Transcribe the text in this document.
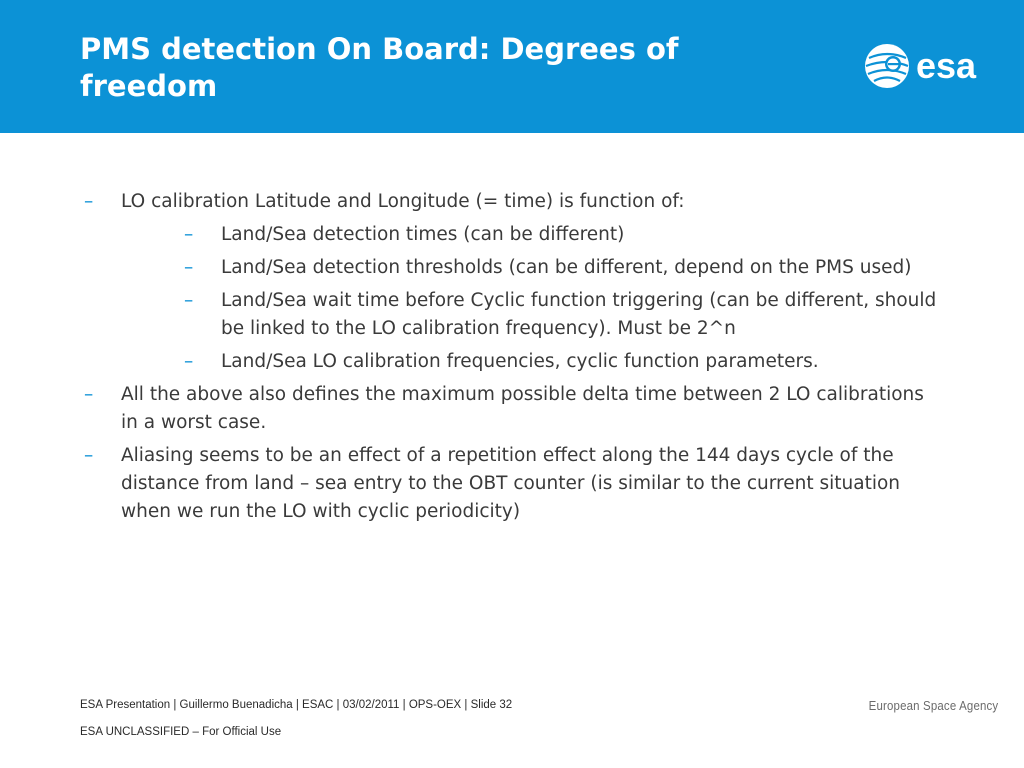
PMS detection On Board: Degrees of freedom	esa
– LO calibration Latitude and Longitude (= time) is function of:
– Land/Sea detection times (can be different)
– Land/Sea detection thresholds (can be different, depend on the PMS used)
– Land/Sea wait time before Cyclic function triggering (can be different, should be linked to the LO calibration frequency). Must be 2^n
– Land/Sea LO calibration frequencies, cyclic function parameters.
– All the above also defines the maximum possible delta time between 2 LO calibrations in a worst case.
– Aliasing seems to be an effect of a repetition effect along the 144 days cycle of the distance from land – sea entry to the OBT counter (is similar to the current situation when we run the LO with cyclic periodicity)
ESA Presentation | Guillermo Buenadicha | ESAC | 03/02/2011 | OPS-OEX | Slide 32	European Space Agency
ESA UNCLASSIFIED – For Official Use
